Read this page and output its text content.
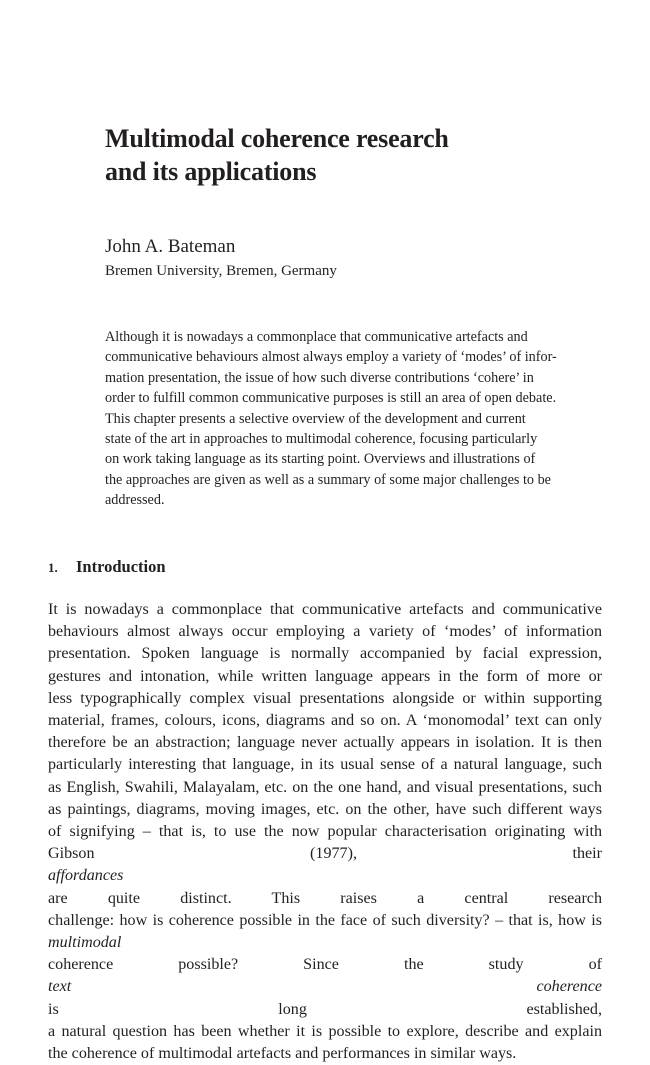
Multimodal coherence research
and its applications
John A. Bateman
Bremen University, Bremen, Germany
Although it is nowadays a commonplace that communicative artefacts and
communicative behaviours almost always employ a variety of ‘modes’ of infor-
mation presentation, the issue of how such diverse contributions ‘cohere’ in
order to fulfill common communicative purposes is still an area of open debate.
This chapter presents a selective overview of the development and current
state of the art in approaches to multimodal coherence, focusing particularly
on work taking language as its starting point. Overviews and illustrations of
the approaches are given as well as a summary of some major challenges to be
addressed.
1. Introduction
It is nowadays a commonplace that communicative artefacts and communicative
behaviours almost always occur employing a variety of ‘modes’ of information
presentation. Spoken language is normally accompanied by facial expression,
gestures and intonation, while written language appears in the form of more or
less typographically complex visual presentations alongside or within supporting
material, frames, colours, icons, diagrams and so on. A ‘monomodal’ text can only
therefore be an abstraction; language never actually appears in isolation. It is then
particularly interesting that language, in its usual sense of a natural language, such
as English, Swahili, Malayalam, etc. on the one hand, and visual presentations, such
as paintings, diagrams, moving images, etc. on the other, have such different ways
of signifying – that is, to use the now popular characterisation originating with
Gibson (1977), their
affordances
are quite distinct. This raises a central research
challenge: how is coherence possible in the face of such diversity? – that is, how is
multimodal
coherence possible? Since the study of
text coherence
is long established,
a natural question has been whether it is possible to explore, describe and explain
the coherence of multimodal artefacts and performances in similar ways.
